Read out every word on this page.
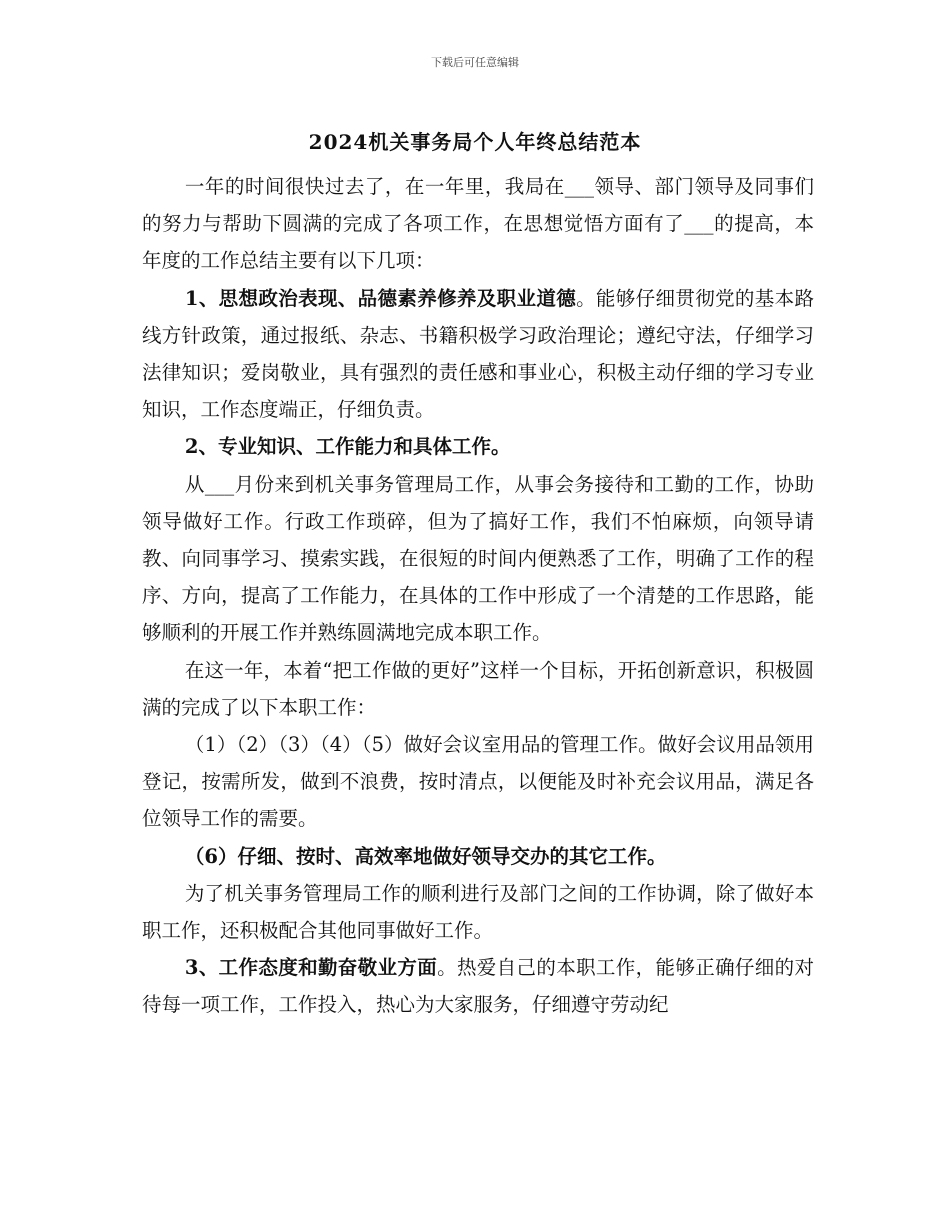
下载后可任意编辑
2024机关事务局个人年终总结范本

一年的时间很快过去了，在一年里，我局在___领导、部门领导及同事们的努力与帮助下圆满的完成了各项工作，在思想觉悟方面有了___的提高，本年度的工作总结主要有以下几项：

1、思想政治表现、品德素养修养及职业道德。能够仔细贯彻党的基本路线方针政策，通过报纸、杂志、书籍积极学习政治理论；遵纪守法，仔细学习法律知识；爱岗敬业，具有强烈的责任感和事业心，积极主动仔细的学习专业知识，工作态度端正，仔细负责。

2、专业知识、工作能力和具体工作。

从___月份来到机关事务管理局工作，从事会务接待和工勤的工作，协助领导做好工作。行政工作琐碎，但为了搞好工作，我们不怕麻烦，向领导请教、向同事学习、摸索实践，在很短的时间内便熟悉了工作，明确了工作的程序、方向，提高了工作能力，在具体的工作中形成了一个清楚的工作思路，能够顺利的开展工作并熟练圆满地完成本职工作。

在这一年，本着“把工作做的更好”这样一个目标，开拓创新意识，积极圆满的完成了以下本职工作：

（1）（2）（3）（4）（5）做好会议室用品的管理工作。做好会议用品领用登记，按需所发，做到不浪费，按时清点，以便能及时补充会议用品，满足各位领导工作的需要。

（6）仔细、按时、高效率地做好领导交办的其它工作。

为了机关事务管理局工作的顺利进行及部门之间的工作协调，除了做好本职工作，还积极配合其他同事做好工作。

3、工作态度和勤奋敬业方面。热爱自己的本职工作，能够正确仔细的对待每一项工作，工作投入，热心为大家服务，仔细遵守劳动纪
